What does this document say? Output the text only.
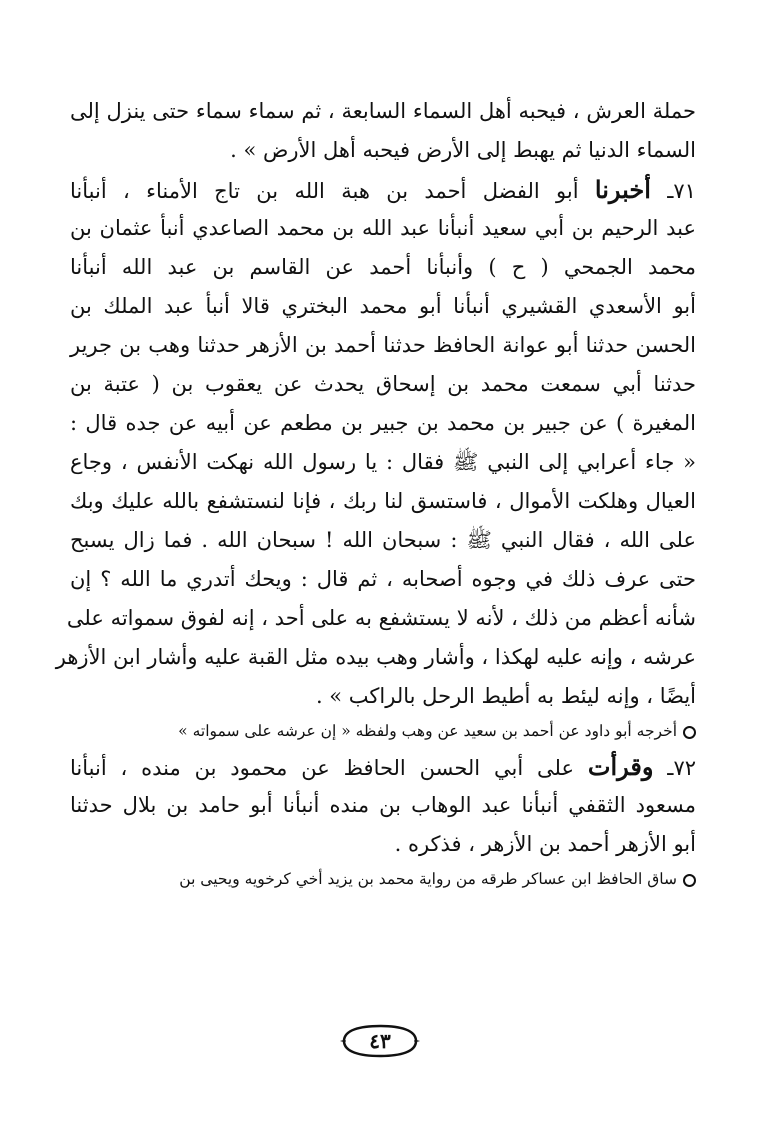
حملة العرش ، فيحبه أهل السماء السابعة ، ثم سماء سماء حتى ينزل إلى
السماء الدنيا ثم يهبط إلى الأرض فيحبه أهل الأرض » .
٧١ـ أخبرنا أبو الفضل أحمد بن هبة الله بن تاج الأمناء ، أنبأنا
عبد الرحيم بن أبي سعيد أنبأنا عبد الله بن محمد الصاعدي أنبأ عثمان بن
محمد الجمحي ( ح ) وأنبأنا أحمد عن القاسم بن عبد الله أنبأنا
أبو الأسعدي القشيري أنبأنا أبو محمد البختري قالا أنبأ عبد الملك بن
الحسن حدثنا أبو عوانة الحافظ حدثنا أحمد بن الأزهر حدثنا وهب بن جرير
حدثنا أبي سمعت محمد بن إسحاق يحدث عن يعقوب بن ( عتبة بن
المغيرة ) عن جبير بن محمد بن جبير بن مطعم عن أبيه عن جده قال :
« جاء أعرابي إلى النبي ﷺ فقال : يا رسول الله نهكت الأنفس ، وجاع
العيال وهلكت الأموال ، فاستسق لنا ربك ، فإنا لنستشفع بالله عليك وبك
على الله ، فقال النبي ﷺ : سبحان الله ! سبحان الله . فما زال يسبح
حتى عرف ذلك في وجوه أصحابه ، ثم قال : ويحك أتدري ما الله ؟ إن
شأنه أعظم من ذلك ، لأنه لا يستشفع به على أحد ، إنه لفوق سمواته على
عرشه ، وإنه عليه لهكذا ، وأشار وهب بيده مثل القبة عليه وأشار ابن الأزهر
أيضًا ، وإنه ليئط به أطيط الرحل بالراكب » .
أخرجه أبو داود عن أحمد بن سعيد عن وهب ولفظه « إن عرشه على سمواته »
٧٢ـ وقرأت على أبي الحسن الحافظ عن محمود بن منده ، أنبأنا
مسعود الثقفي أنبأنا عبد الوهاب بن منده أنبأنا أبو حامد بن بلال حدثنا
أبو الأزهر أحمد بن الأزهر ، فذكره .
ساق الحافظ ابن عساكر طرقه من رواية محمد بن يزيد أخي كرخويه ويحيى بن
٤٣
